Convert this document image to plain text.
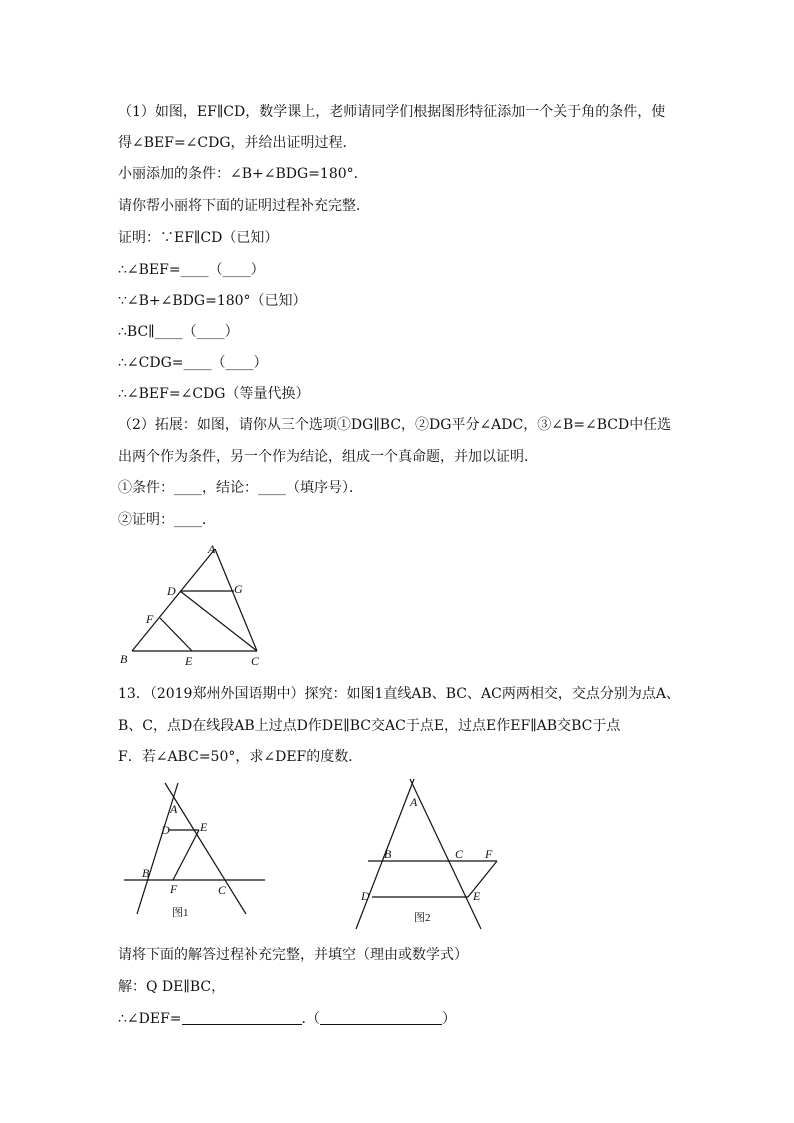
（1）如图，EF∥CD，数学课上，老师请同学们根据图形特征添加一个关于角的条件，使
得∠BEF=∠CDG，并给出证明过程．
小丽添加的条件：∠B+∠BDG=180°．
请你帮小丽将下面的证明过程补充完整．
证明：∵EF∥CD（已知）
∴∠BEF=____（____）
∵∠B+∠BDG=180°（已知）
∴BC∥____（____）
∴∠CDG=____（____）
∴∠BEF=∠CDG（等量代换）
（2）拓展：如图，请你从三个选项①DG∥BC，②DG平分∠ADC，③∠B=∠BCD中任选
出两个作为条件，另一个作为结论，组成一个真命题，并加以证明．
①条件：____，结论：____（填序号）．
②证明：____．
A
D	G
F
B	E	C
13．（2019郑州外国语期中）探究：如图1直线AB、BC、AC两两相交，交点分别为点A、
B、C，点D在线段AB上过点D作DE∥BC交AC于点E，过点E作EF∥AB交BC于点
F．若∠ABC=50°，求∠DEF的度数．
A
D	E
B
F	C
图1
A
B	C F
D	E
图2
请将下面的解答过程补充完整，并填空（理由或数学式）
解：Q DE∥BC，
∴∠DEF=	.（	）
